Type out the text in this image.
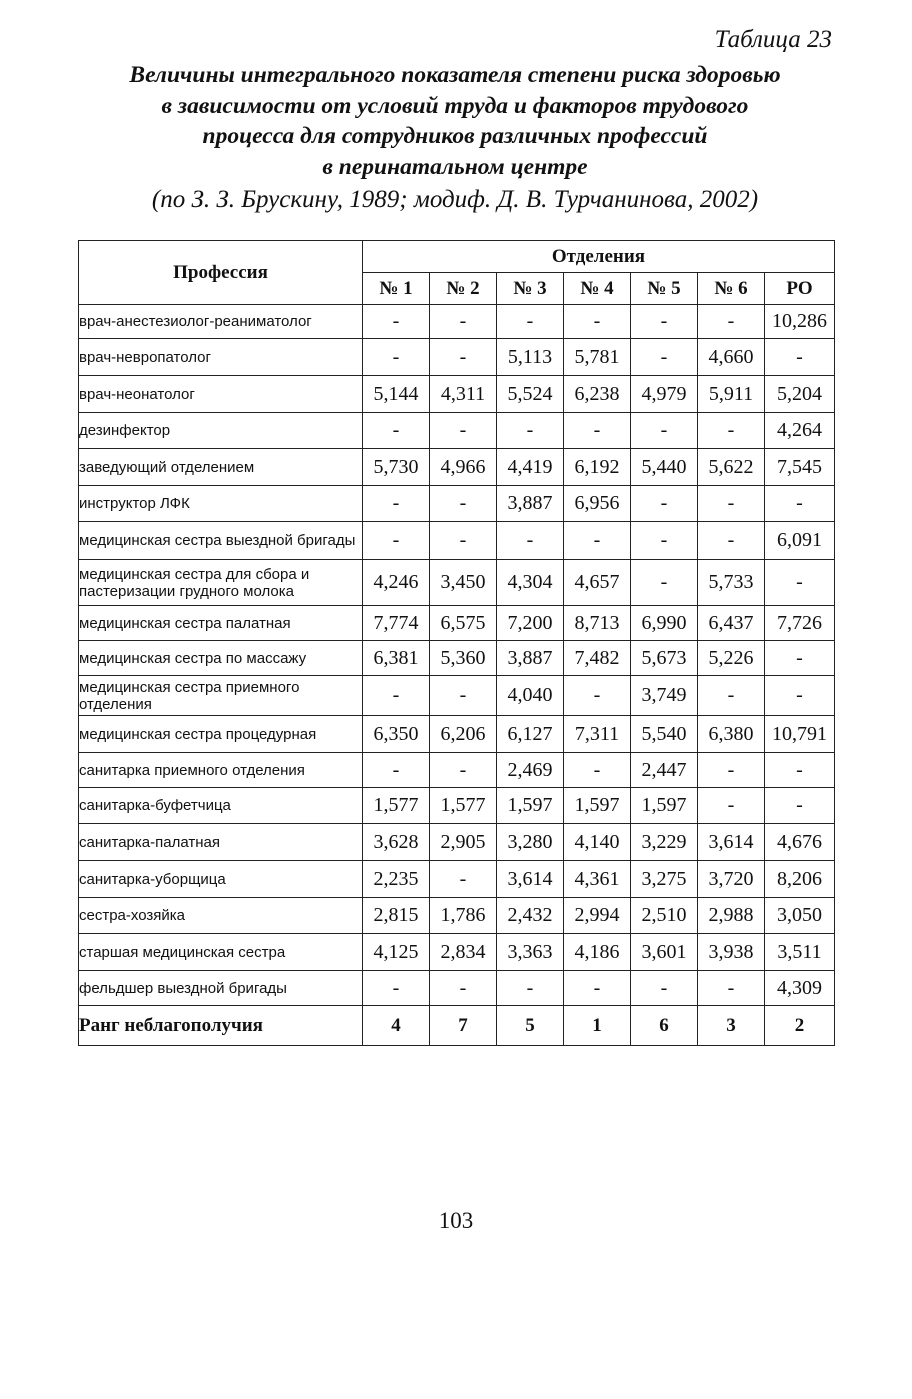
Таблица 23
Величины интегрального показателя степени риска здоровью
в зависимости от условий труда и факторов трудового
процесса для сотрудников различных профессий
в перинатальном центре
(по З. З. Брускину, 1989; модиф. Д. В. Турчанинова, 2002)
Профессия	Отделения						
	№ 1	№ 2	№ 3	№ 4	№ 5	№ 6	РО
врач-анестезиолог-реаниматолог	-	-	-	-	-	-	10,286
врач-невропатолог	-	-	5,113	5,781	-	4,660	-
врач-неонатолог	5,144	4,311	5,524	6,238	4,979	5,911	5,204
дезинфектор	-	-	-	-	-	-	4,264
заведующий отделением	5,730	4,966	4,419	6,192	5,440	5,622	7,545
инструктор ЛФК	-	-	3,887	6,956	-	-	-
медицинская сестра выездной бригады	-	-	-	-	-	-	6,091
медицинская сестра для сбора и пастеризации грудного молока	4,246	3,450	4,304	4,657	-	5,733	-
медицинская сестра палатная	7,774	6,575	7,200	8,713	6,990	6,437	7,726
медицинская сестра по массажу	6,381	5,360	3,887	7,482	5,673	5,226	-
медицинская сестра приемного отделения	-	-	4,040	-	3,749	-	-
медицинская сестра процедурная	6,350	6,206	6,127	7,311	5,540	6,380	10,791
санитарка приемного отделения	-	-	2,469	-	2,447	-	-
санитарка-буфетчица	1,577	1,577	1,597	1,597	1,597	-	-
санитарка-палатная	3,628	2,905	3,280	4,140	3,229	3,614	4,676
санитарка-уборщица	2,235	-	3,614	4,361	3,275	3,720	8,206
сестра-хозяйка	2,815	1,786	2,432	2,994	2,510	2,988	3,050
старшая медицинская сестра	4,125	2,834	3,363	4,186	3,601	3,938	3,511
фельдшер выездной бригады	-	-	-	-	-	-	4,309
Ранг неблагополучия	4	7	5	1	6	3	2
103
